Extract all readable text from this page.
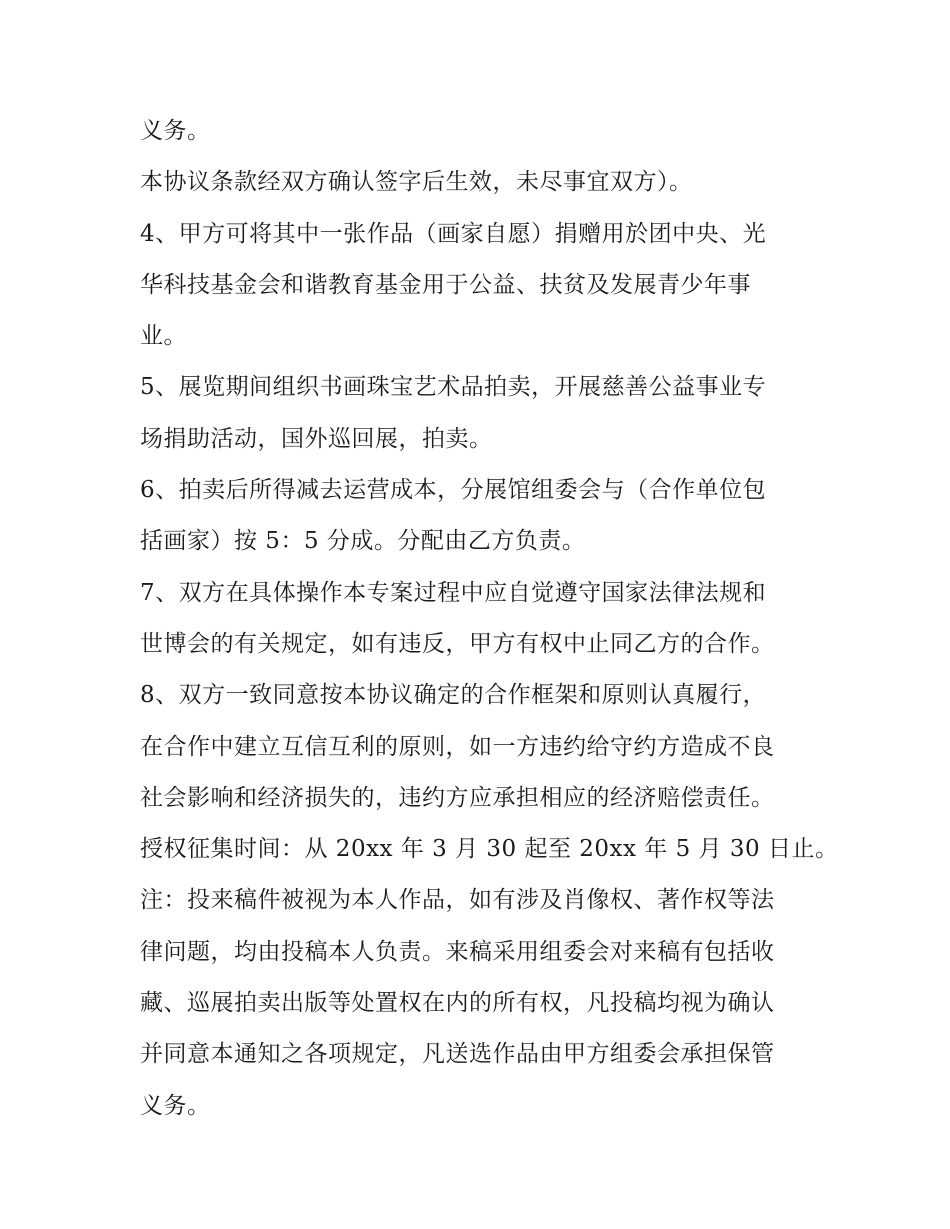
义务。
本协议条款经双方确认签字后生效，未尽事宜双方）。
4、甲方可将其中一张作品（画家自愿）捐赠用於团中央、光
华科技基金会和谐教育基金用于公益、扶贫及发展青少年事
业。
5、展览期间组织书画珠宝艺术品拍卖，开展慈善公益事业专
场捐助活动，国外巡回展，拍卖。
6、拍卖后所得减去运营成本，分展馆组委会与（合作单位包
括画家）按 5：5 分成。分配由乙方负责。
7、双方在具体操作本专案过程中应自觉遵守国家法律法规和
世博会的有关规定，如有违反，甲方有权中止同乙方的合作。
8、双方一致同意按本协议确定的合作框架和原则认真履行，
在合作中建立互信互利的原则，如一方违约给守约方造成不良
社会影响和经济损失的，违约方应承担相应的经济赔偿责任。
授权征集时间：从 20xx 年 3 月 30 起至 20xx 年 5 月 30 日止。
注：投来稿件被视为本人作品，如有涉及肖像权、著作权等法
律问题，均由投稿本人负责。来稿采用组委会对来稿有包括收
藏、巡展拍卖出版等处置权在内的所有权，凡投稿均视为确认
并同意本通知之各项规定，凡送选作品由甲方组委会承担保管
义务。
